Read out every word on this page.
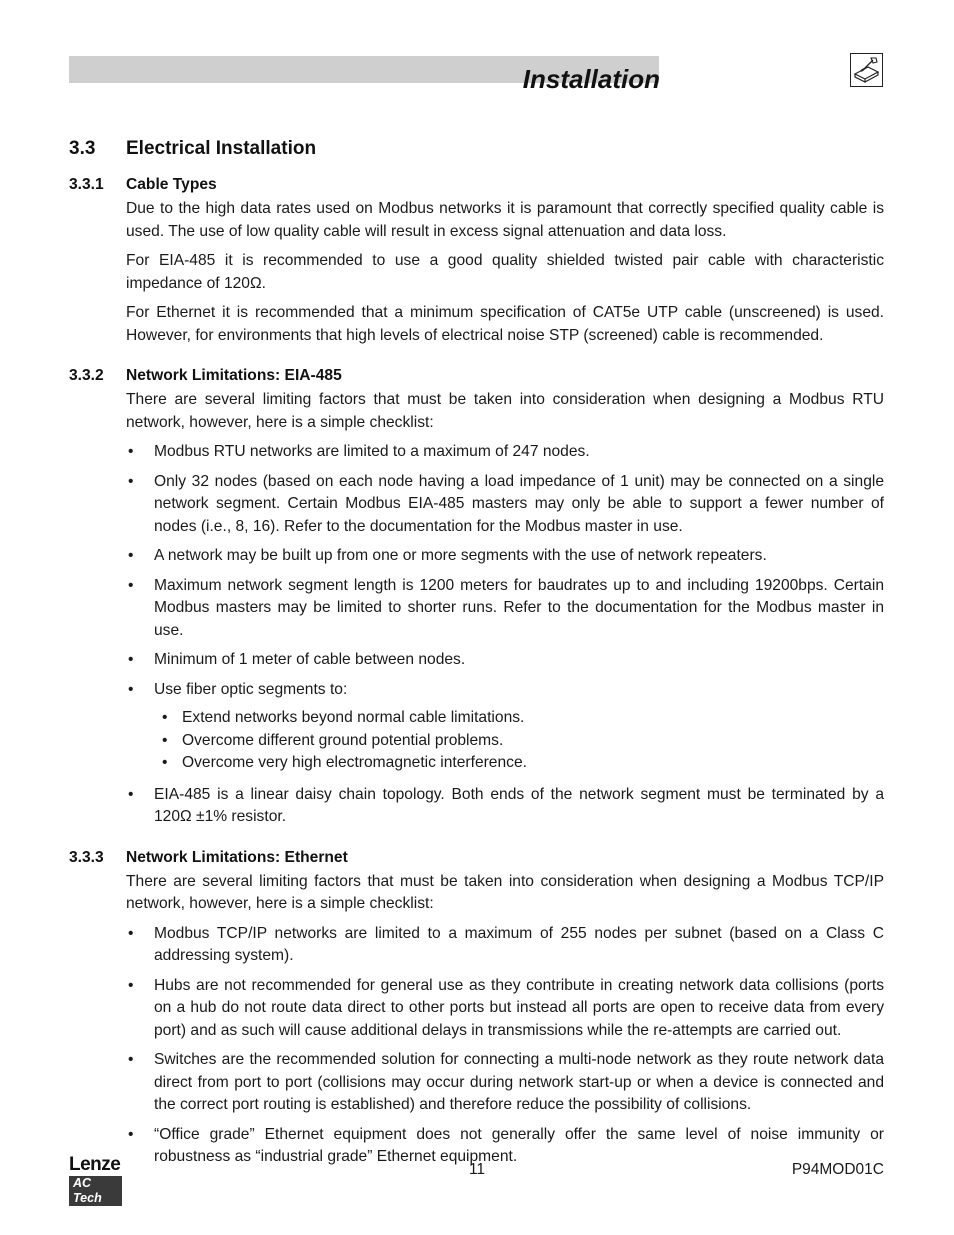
Installation
3.3	Electrical Installation
3.3.1	Cable Types

Due to the high data rates used on Modbus networks it is paramount that correctly specified quality cable is used. The use of low quality cable will result in excess signal attenuation and data loss.

For EIA-485 it is recommended to use a good quality shielded twisted pair cable with characteristic impedance of 120Ω.

For Ethernet it is recommended that a minimum specification of CAT5e UTP cable (unscreened) is used. However, for environments that high levels of electrical noise STP (screened) cable is recommended.

3.3.2	Network Limitations: EIA-485

There are several limiting factors that must be taken into consideration when designing a Modbus RTU network, however, here is a simple checklist:

• Modbus RTU networks are limited to a maximum of 247 nodes.
• Only 32 nodes (based on each node having a load impedance of 1 unit) may be connected on a single network segment. Certain Modbus EIA-485 masters may only be able to support a fewer number of nodes (i.e., 8, 16). Refer to the documentation for the Modbus master in use.
• A network may be built up from one or more segments with the use of network repeaters.
• Maximum network segment length is 1200 meters for baudrates up to and including 19200bps. Certain Modbus masters may be limited to shorter runs. Refer to the documentation for the Modbus master in use.
• Minimum of 1 meter of cable between nodes.
• Use fiber optic segments to:
• Extend networks beyond normal cable limitations.
• Overcome different ground potential problems.
• Overcome very high electromagnetic interference.
• EIA-485 is a linear daisy chain topology. Both ends of the network segment must be terminated by a 120Ω ±1% resistor.
3.3.3	Network Limitations: Ethernet

There are several limiting factors that must be taken into consideration when designing a Modbus TCP/IP network, however, here is a simple checklist:

• Modbus TCP/IP networks are limited to a maximum of 255 nodes per subnet (based on a Class C addressing system).
• Hubs are not recommended for general use as they contribute in creating network data collisions (ports on a hub do not route data direct to other ports but instead all ports are open to receive data from every port) and as such will cause additional delays in transmissions while the re-attempts are carried out.
• Switches are the recommended solution for connecting a multi-node network as they route network data direct from port to port (collisions may occur during network start-up or when a device is connected and the correct port routing is established) and therefore reduce the possibility of collisions.
• “Office grade” Ethernet equipment does not generally offer the same level of noise immunity or robustness as “industrial grade” Ethernet equipment.
Lenze
AC Tech
11	P94MOD01C
